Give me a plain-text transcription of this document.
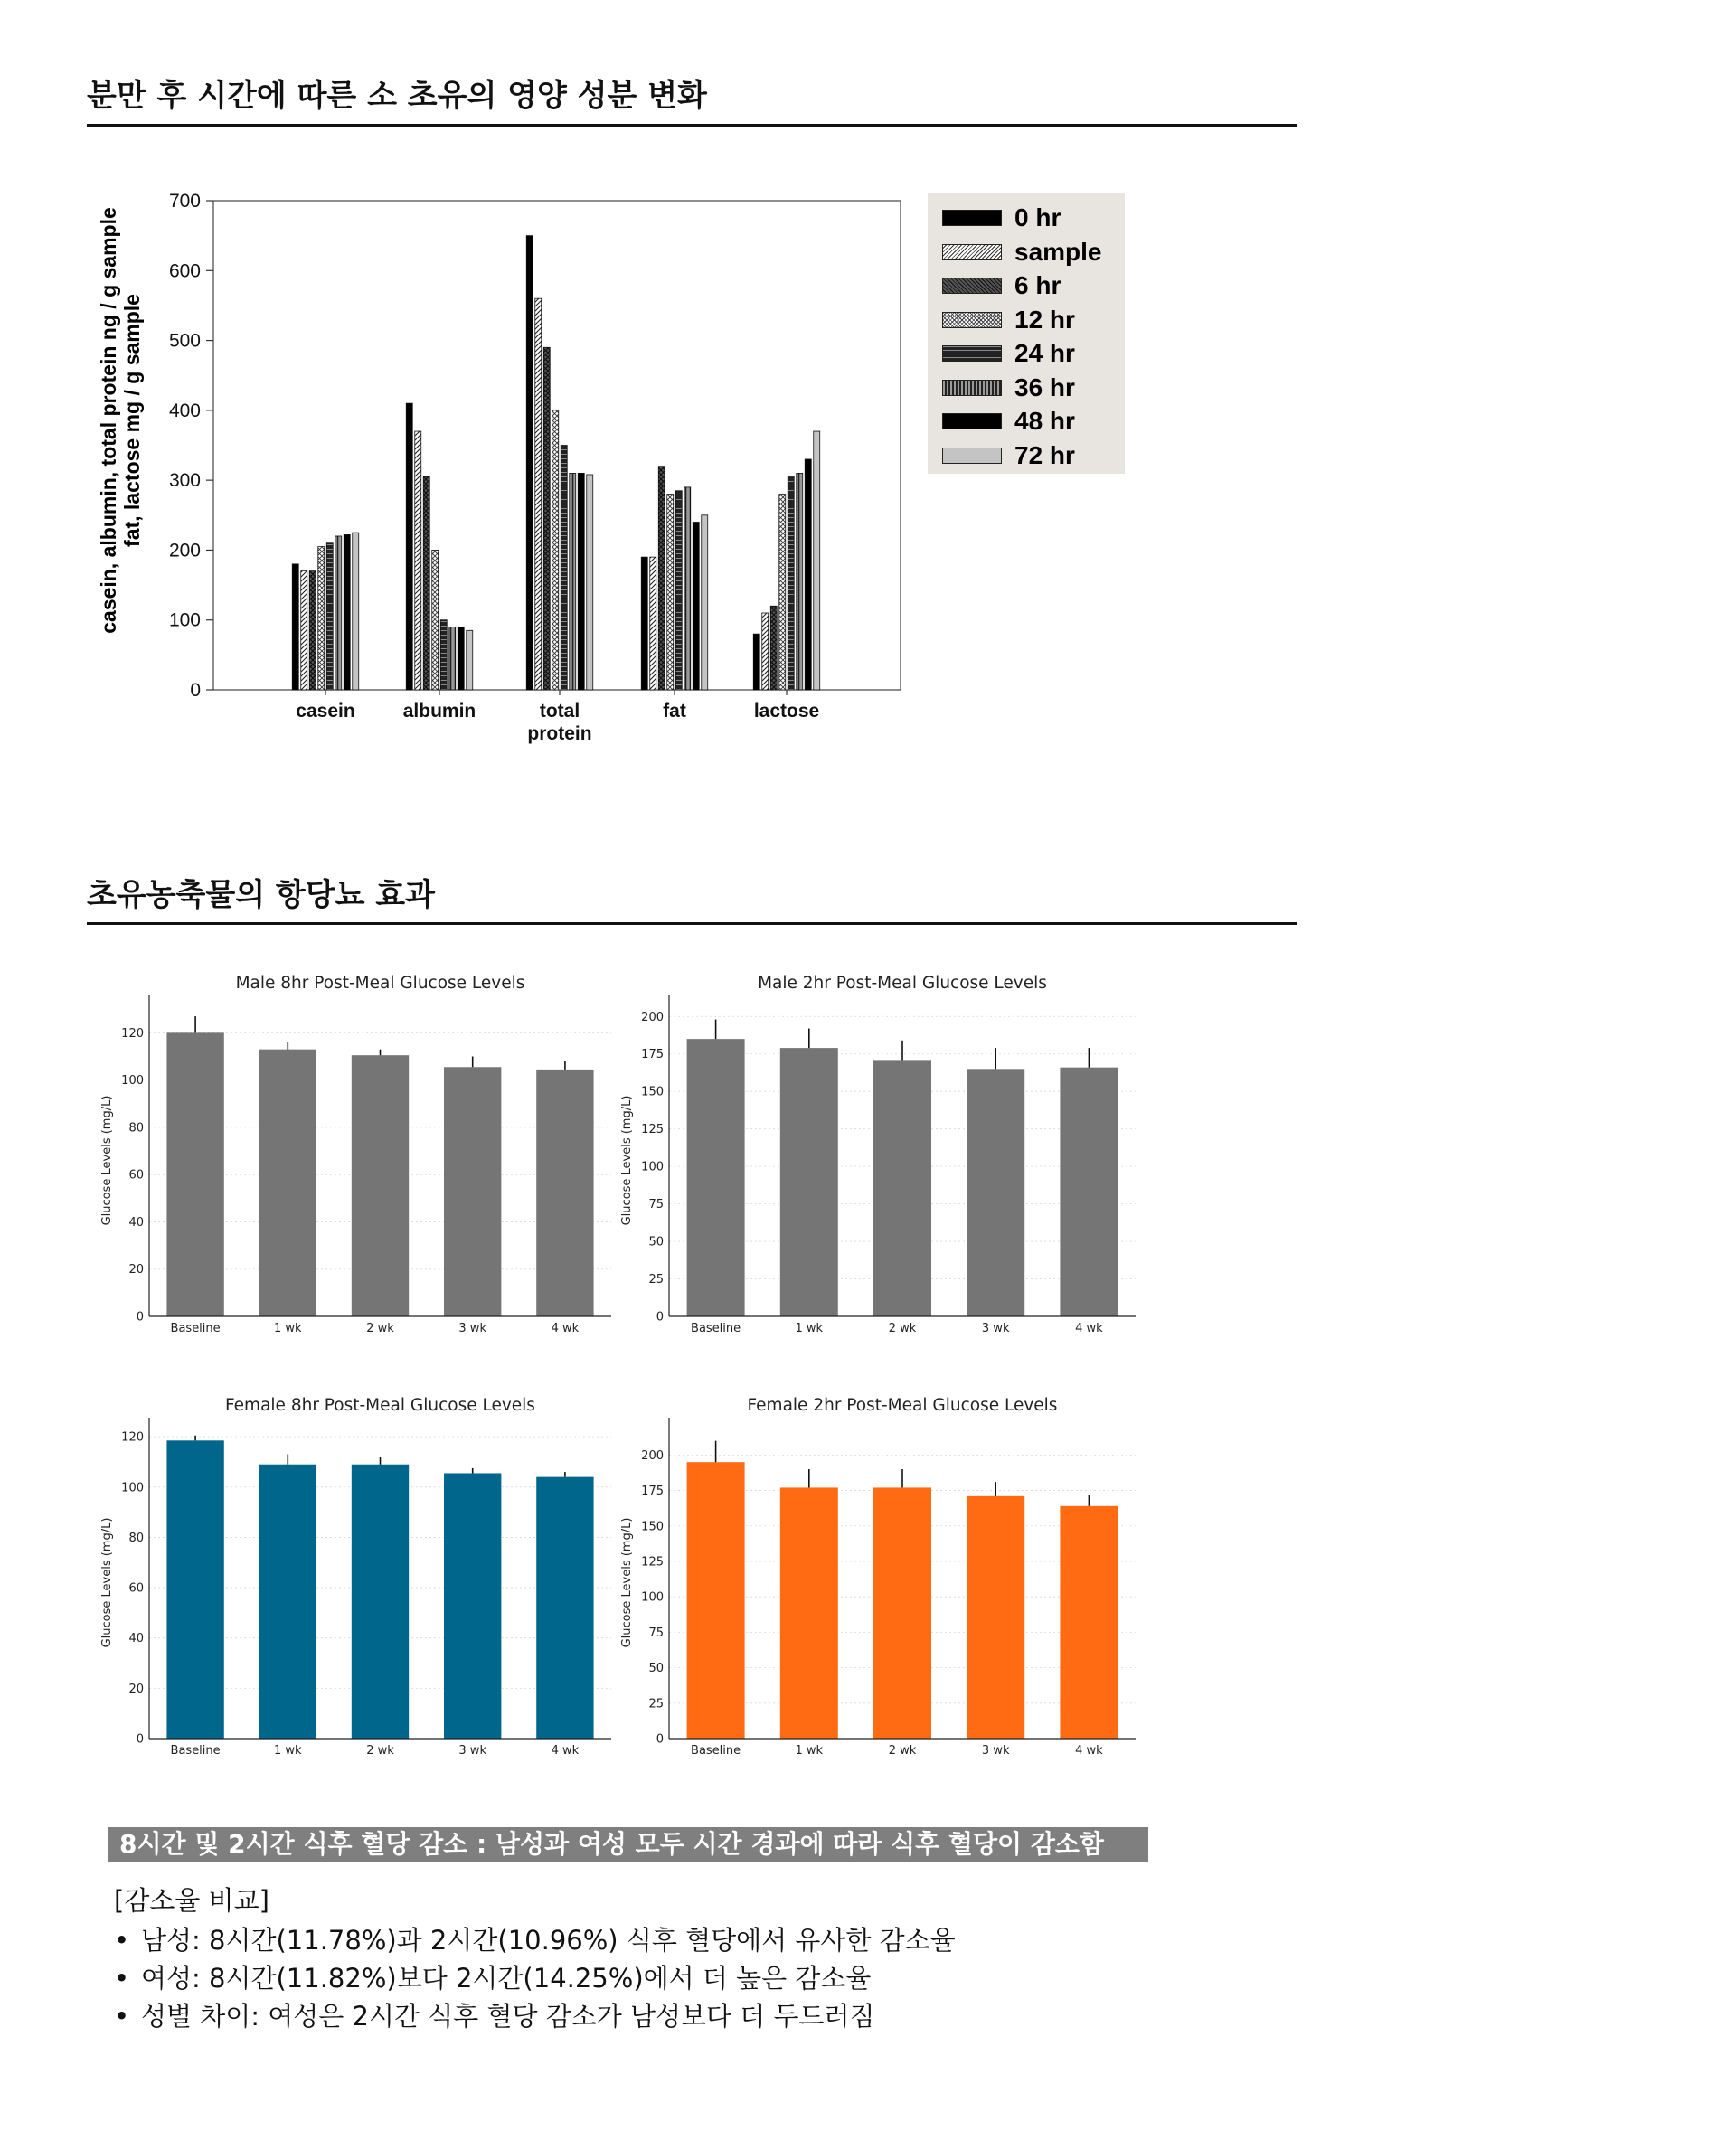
분만 후 시간에 따른 소 초유의 영양 성분 변화
0
100
200
300
400
500
600
700
casein	albumin	total protein
fat	lactose
casein, albumin, total protein ng / g sample fat, lactose mg / g sample
0 hr
sample
6 hr
12 hr
24 hr
36 hr
48 hr
72 hr
초유농축물의 항당뇨 효과
Male 8hr Post-Meal Glucose Levels
Glucose Levels (mg/L)
0
20
40
60
80
100
120
Baseline	1 wk	2 wk	3 wk	4 wk
Male 2hr Post-Meal Glucose Levels
Glucose Levels (mg/L)
0
25
50
75
100
125
150
175
200
Baseline	1 wk	2 wk	3 wk	4 wk
Female 8hr Post-Meal Glucose Levels
Glucose Levels (mg/L)
0
20
40
60
80
100
120
Baseline	1 wk	2 wk	3 wk	4 wk
Female 2hr Post-Meal Glucose Levels
Glucose Levels (mg/L)
0
25
50
75
100
125
150
175
200
Baseline	1 wk	2 wk	3 wk	4 wk
8시간 및 2시간 식후 혈당 감소 : 남성과 여성 모두 시간 경과에 따라 식후 혈당이 감소함
[감소율 비교]
• 남성: 8시간(11.78%)과 2시간(10.96%) 식후 혈당에서 유사한 감소율
• 여성: 8시간(11.82%)보다 2시간(14.25%)에서 더 높은 감소율
• 성별 차이: 여성은 2시간 식후 혈당 감소가 남성보다 더 두드러짐
